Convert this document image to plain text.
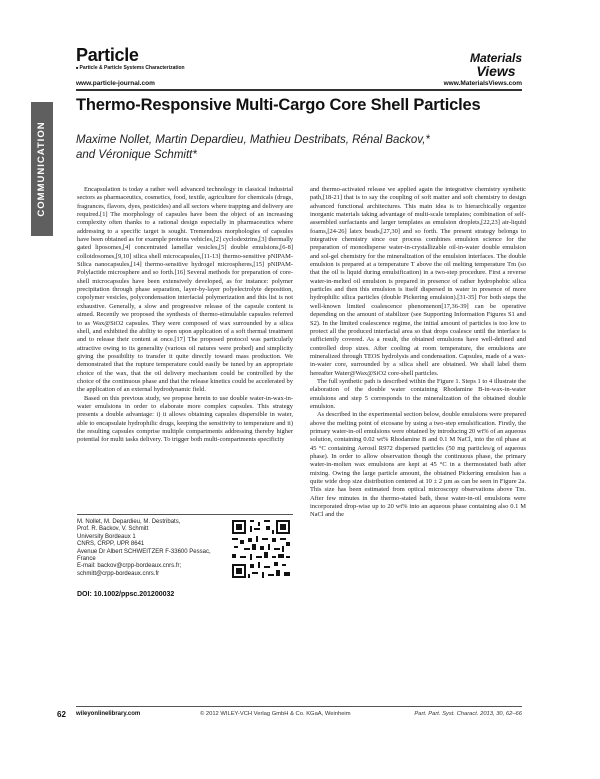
Particle
■ Particle & Particle Systems Characterization
www.particle-journal.com
Materials
Views
www.MaterialsViews.com
COMMUNICATION
Thermo-Responsive Multi-Cargo Core Shell Particles
Maxime Nollet, Martin Depardieu, Mathieu Destribats, Rénal Backov,*
and Véronique Schmitt*

Encapsulation is today a rather well advanced technology in classical industrial sectors as pharmaceutics, cosmetics, food, textile, agriculture for chemicals (drugs, fragrances, flavors, dyes, pesticides) and all sectors where trapping and delivery are required.[1] The morphology of capsules have been the object of an increasing complexity often thanks to a rational design especially in pharmaceutics where addressing to a specific target is sought. Tremendous morphologies of capsules have been obtained as for example proteins vehicles,[2] cyclodextrins,[3] thermally gated liposomes,[4] concentrated lamellar vesicles,[5] double emulsions,[6-8] colloidosomes,[9,10] silica shell microcapsules,[11-13] thermo-sensitive pNIPAM-Silica nanocapsules,[14] thermo-sensitive hydrogel microspheres,[15] pNIPAM-Polylactide microsphere and so forth.[16] Several methods for preparation of core-shell microcapsules have been extensively developed, as for instance: polymer precipitation through phase separation, layer-by-layer polyelectrolyte deposition, copolymer vesicles, polycondensation interfacial polymerization and this list is not exhaustive. Generally, a slow and progressive release of the capsule content is aimed. Recently we proposed the synthesis of thermo-stimulable capsules referred to as Wax@SiO2 capsules. They were composed of wax surrounded by a silica shell, and exhibited the ability to open upon application of a soft thermal treatment and to release their content at once.[17] The proposed protocol was particularly attractive owing to its generality (various oil natures were probed) and simplicity giving the possibility to transfer it quite directly toward mass production. We demonstrated that the rupture temperature could easily be tuned by an appropriate choice of the wax, that the oil delivery mechanism could be controlled by the choice of the continuous phase and that the release kinetics could be accelerated by the application of an external hydrodynamic field.

Based on this previous study, we propose herein to use double water-in-wax-in-water emulsions in order to elaborate more complex capsules. This strategy presents a double advantage: i) it allows obtaining capsules dispersible in water, able to encapsulate hydrophilic drugs, keeping the sensitivity to temperature and ii) the resulting capsules comprise multiple compartments addressing thereby higher potential for multi tasks delivery. To trigger both multi-compartments specificity

and thermo-activated release we applied again the integrative chemistry synthetic path,[18-21] that is to say the coupling of soft matter and soft chemistry to design advanced functional architectures. This main idea is to hierarchically organize inorganic materials taking advantage of multi-scale templates; combination of self-assembled surfactants and larger templates as emulsion droplets,[22,23] air-liquid foams,[24-26] latex beads,[27,30] and so forth. The present strategy belongs to integrative chemistry since our process combines emulsion science for the preparation of monodisperse water-in-crystallizable oil-in-water double emulsion and sol-gel chemistry for the mineralization of the emulsion interfaces. The double emulsion is prepared at a temperature T above the oil melting temperature Tm (so that the oil is liquid during emulsification) in a two-step procedure. First a reverse water-in-melted oil emulsion is prepared in presence of rather hydrophobic silica particles and then this emulsion is itself dispersed in water in presence of more hydrophilic silica particles (double Pickering emulsion).[31-35] For both steps the well-known limited coalescence phenomenon[17,36-39] can be operative depending on the amount of stabilizer (see Supporting Information Figures S1 and S2). In the limited coalescence regime, the initial amount of particles is too low to protect all the produced interfacial area so that drops coalesce until the interface is sufficiently covered. As a result, the obtained emulsions have well-defined and controlled drop sizes. After cooling at room temperature, the emulsions are mineralized through TEOS hydrolysis and condensation. Capsules, made of a wax-in-water core, surrounded by a silica shell are obtained. We shall label them hereafter Water@Wax@SiO2 core-shell particles.

The full synthetic path is described within the Figure 1. Steps 1 to 4 illustrate the elaboration of the double water containing Rhodamine B-in-wax-in-water emulsions and step 5 corresponds to the mineralization of the obtained double emulsion.

As described in the experimental section below, double emulsions were prepared above the melting point of eicosane by using a two-step emulsification. Firstly, the primary water-in-oil emulsions were obtained by introducing 20 wt% of an aqueous solution, containing 0.02 wt% Rhodamine B and 0.1 M NaCl, into the oil phase at 45 °C containing Aerosil R972 dispersed particles (50 mg particles/g of aqueous phase). In order to allow observation though the continuous phase, the primary water-in-molten wax emulsions are kept at 45 °C in a thermostated bath after mixing. Owing the large particle amount, the obtained Pickering emulsion has a quite wide drop size distribution centered at 10 ± 2 µm as can be seen in Figure 2a. This size has been estimated from optical microscopy observations above Tm. After few minutes in the thermo-stated bath, these water-in-oil emulsions were incorporated drop-wise up to 20 wt% into an aqueous phase containing also 0.1 M NaCl and the

M. Nollet, M. Depardieu, M. Destribats,
Prof. R. Backov, V. Schmitt
University Bordeaux 1
CNRS, CRPP, UPR 8641
Avenue Dr Albert SCHWEITZER F-33600 Pessac, France
E-mail: backov@crpp-bordeaux.cnrs.fr;
schmitt@crpp-bordeaux.cnrs.fr
DOI: 10.1002/ppsc.201200032
62 wileyonlinelibrary.com	© 2012 WILEY-VCH Verlag GmbH & Co. KGaA, Weinheim	Part. Part. Syst. Charact. 2013, 30, 62–66
